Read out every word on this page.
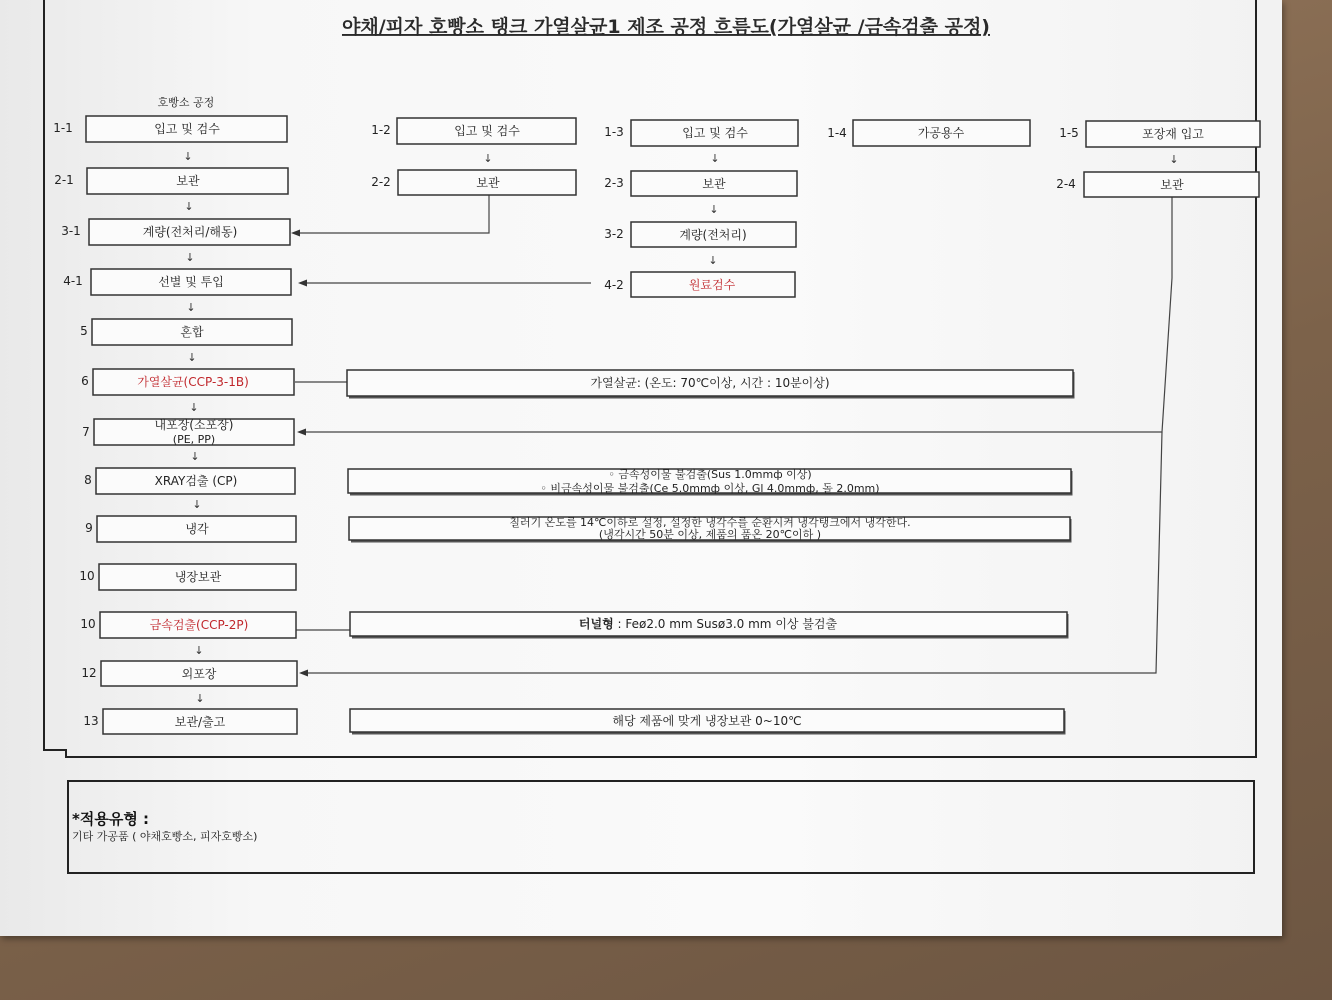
야채/피자 호빵소 탱크 가열살균1 제조 공정 흐름도(가열살균 /금속검출 공정)
호빵소 공정
↓
↓
↓
↓
↓
↓
↓
↓
↓
↓
↓	↓
↓
↓
↓
1-1	입고 및 검수
2-1	보관
3-1	계량(전처리/해동)
4-1	선별 및 투입
5	혼합
6	가열살균(CCP-3-1B)
7	내포장(소포장)
(PE, PP)
8	XRAY검출 (CP)
9	냉각
10	냉장보관
10	금속검출(CCP-2P)
12	외포장
13	보관/출고
1-2	입고 및 검수
2-2	보관
1-3	입고 및 검수
2-3	보관
3-2	계량(전처리)
4-2	원료검수
1-4	가공용수	1-5	포장재 입고
2-4	보관
가열살균: (온도: 70℃이상, 시간 : 10분이상)
◦ 금속성이물 불검출(Sus 1.0mmф 이상)
◦ 비금속성이물 불검출(Ce 5.0mmф 이상, Gl 4.0mmф, 돌 2.0mm)
칠러기 온도를 14℃이하로 설정, 설정한 냉각수를 순환시켜 냉각탱크에서 냉각한다.
(냉각시간 50분 이상, 제품의 품온 20℃이하 )
터널형 : Feø2.0 mm Susø3.0 mm 이상 불검출
해당 제품에 맞게 냉장보관 0~10℃
*적용유형 :
기타 가공품 ( 야채호빵소, 피자호빵소)
